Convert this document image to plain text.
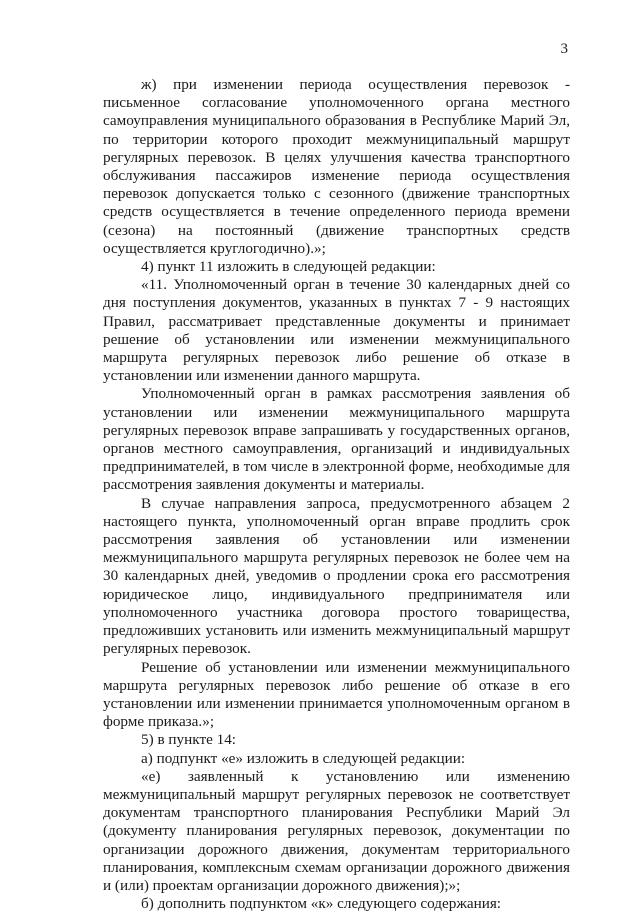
3

ж) при изменении периода осуществления перевозок - письменное согласование уполномоченного органа местного самоуправления муниципального образования в Республике Марий Эл, по территории которого проходит межмуниципальный маршрут регулярных перевозок. В целях улучшения качества транспортного обслуживания пассажиров изменение периода осуществления перевозок допускается только с сезонного (движение транспортных средств осуществляется в течение определенного периода времени (сезона) на постоянный (движение транспортных средств осуществляется круглогодично).»;

4) пункт 11 изложить в следующей редакции:

«11. Уполномоченный орган в течение 30 календарных дней со дня поступления документов, указанных в пунктах 7 - 9 настоящих Правил, рассматривает представленные документы и принимает решение об установлении или изменении межмуниципального маршрута регулярных перевозок либо решение об отказе в установлении или изменении данного маршрута.

Уполномоченный орган в рамках рассмотрения заявления об установлении или изменении межмуниципального маршрута регулярных перевозок вправе запрашивать у государственных органов, органов местного самоуправления, организаций и индивидуальных предпринимателей, в том числе в электронной форме, необходимые для рассмотрения заявления документы и материалы.

В случае направления запроса, предусмотренного абзацем 2 настоящего пункта, уполномоченный орган вправе продлить срок рассмотрения заявления об установлении или изменении межмуниципального маршрута регулярных перевозок не более чем на 30 календарных дней, уведомив о продлении срока его рассмотрения юридическое лицо, индивидуального предпринимателя или уполномоченного участника договора простого товарищества, предложивших установить или изменить межмуниципальный маршрут регулярных перевозок.

Решение об установлении или изменении межмуниципального маршрута регулярных перевозок либо решение об отказе в его установлении или изменении принимается уполномоченным органом в форме приказа.»;

5) в пункте 14:

а) подпункт «е» изложить в следующей редакции:

«е) заявленный к установлению или изменению межмуниципальный маршрут регулярных перевозок не соответствует документам транспортного планирования Республики Марий Эл (документу планирования регулярных перевозок, документации по организации дорожного движения, документам территориального планирования, комплексным схемам организации дорожного движения и (или) проектам организации дорожного движения);»;

б) дополнить подпунктом «к» следующего содержания:
